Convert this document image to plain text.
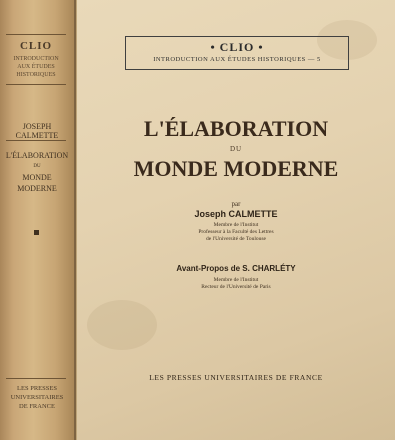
CLIO
INTRODUCTION
AUX ÉTUDES
HISTORIQUES
JOSEPH CALMETTE
L'ÉLABORATION
DU
MONDE MODERNE
LES PRESSES
UNIVERSITAIRES
DE FRANCE
• CLIO •
INTRODUCTION AUX ÉTUDES HISTORIQUES — 5
L'ÉLABORATION
DU
MONDE MODERNE
par
Joseph CALMETTE
Membre de l'Institut
Professeur à la Faculté des Lettres
de l'Université de Toulouse
Avant-Propos de S. CHARLÉTY
Membre de l'Institut
Recteur de l'Université de Paris
LES PRESSES UNIVERSITAIRES DE FRANCE
